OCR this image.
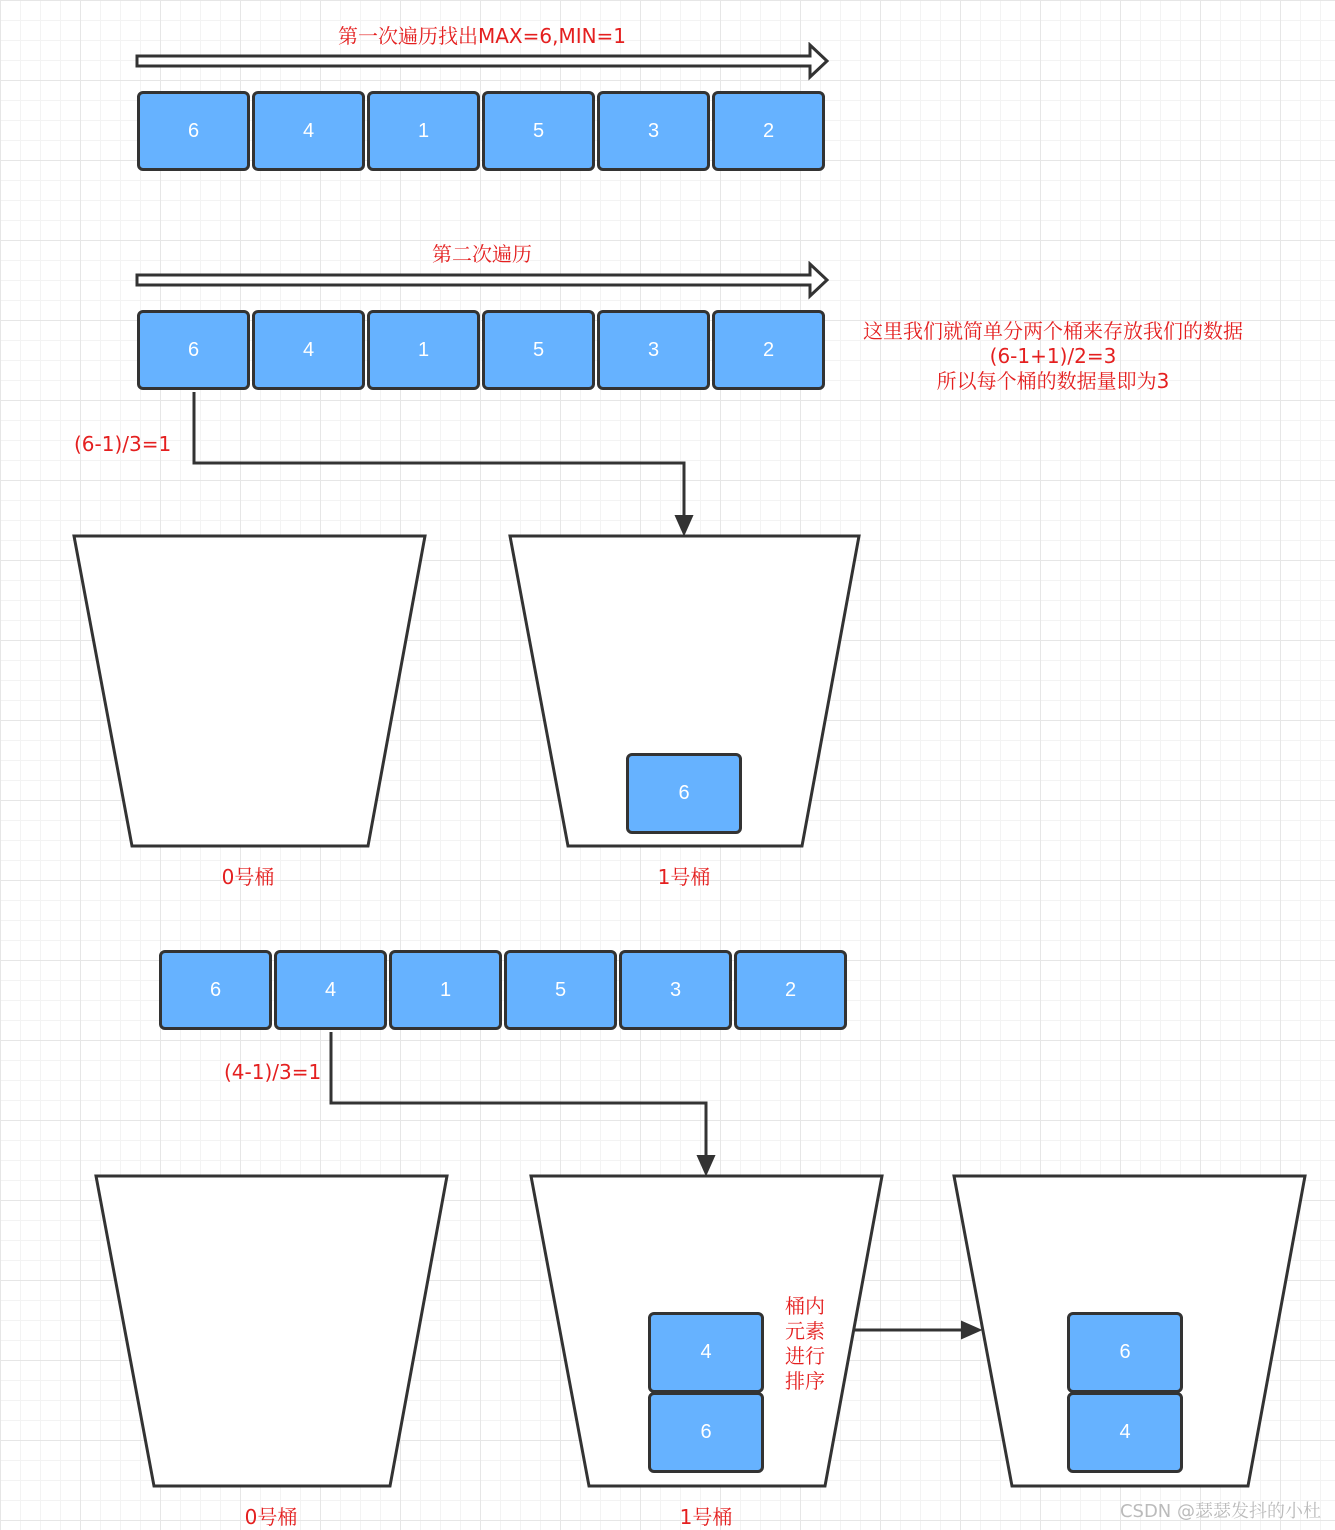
第一次遍历找出MAX=6,MIN=1
6	4	1	5	3	2
第二次遍历
6	4	1	5	3	2
这里我们就简单分两个桶来存放我们的数据
(6-1+1)/2=3
所以每个桶的数据量即为3
(6-1)/3=1
6
0号桶	1号桶
6	4	1	5	3	2
(4-1)/3=1
4
6
桶内
元素
进行
排序
6
4
0号桶	1号桶	CSDN @瑟瑟发抖的小杜
